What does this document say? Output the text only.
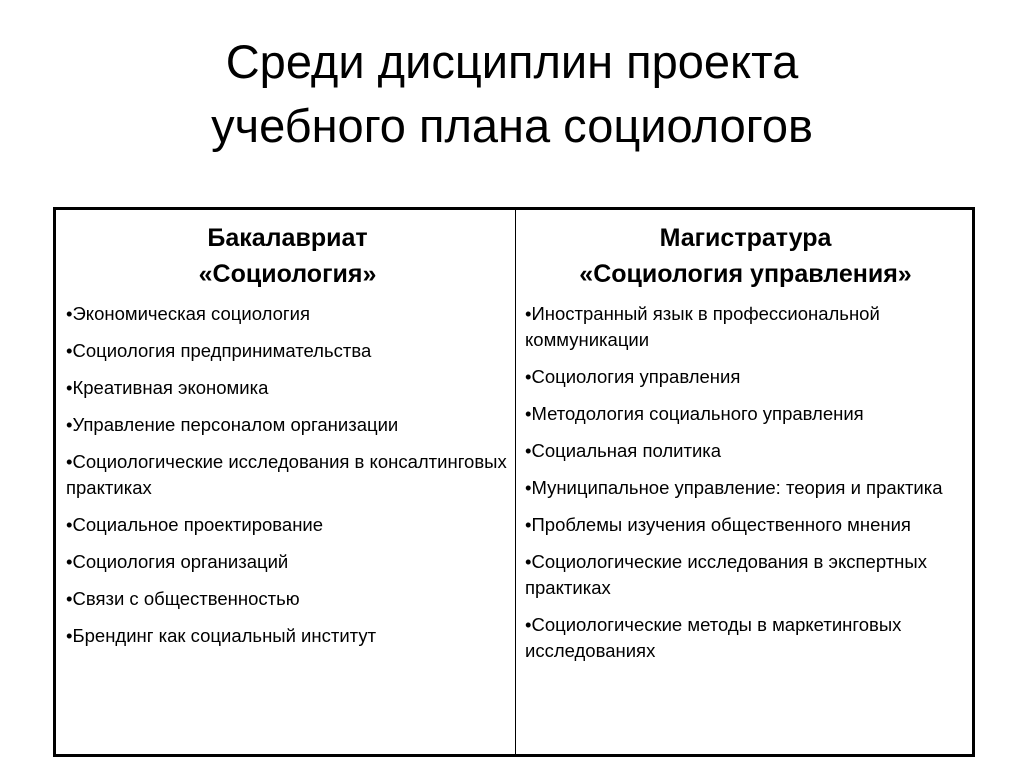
Среди дисциплин проекта
учебного плана социологов
Бакалавриат
«Социология»
•Экономическая социология
•Социология предпринимательства
•Креативная экономика
•Управление персоналом организации
•Социологические исследования в консалтинговых практиках
•Социальное проектирование
•Социология организаций
•Связи с общественностью
•Брендинг как социальный институт
Магистратура
«Социология управления»
•Иностранный язык в профессиональной коммуникации
•Социология управления
•Методология социального управления
•Социальная политика
•Муниципальное управление: теория и практика
•Проблемы изучения общественного мнения
•Социологические исследования в экспертных практиках
•Социологические методы в маркетинговых исследованиях
